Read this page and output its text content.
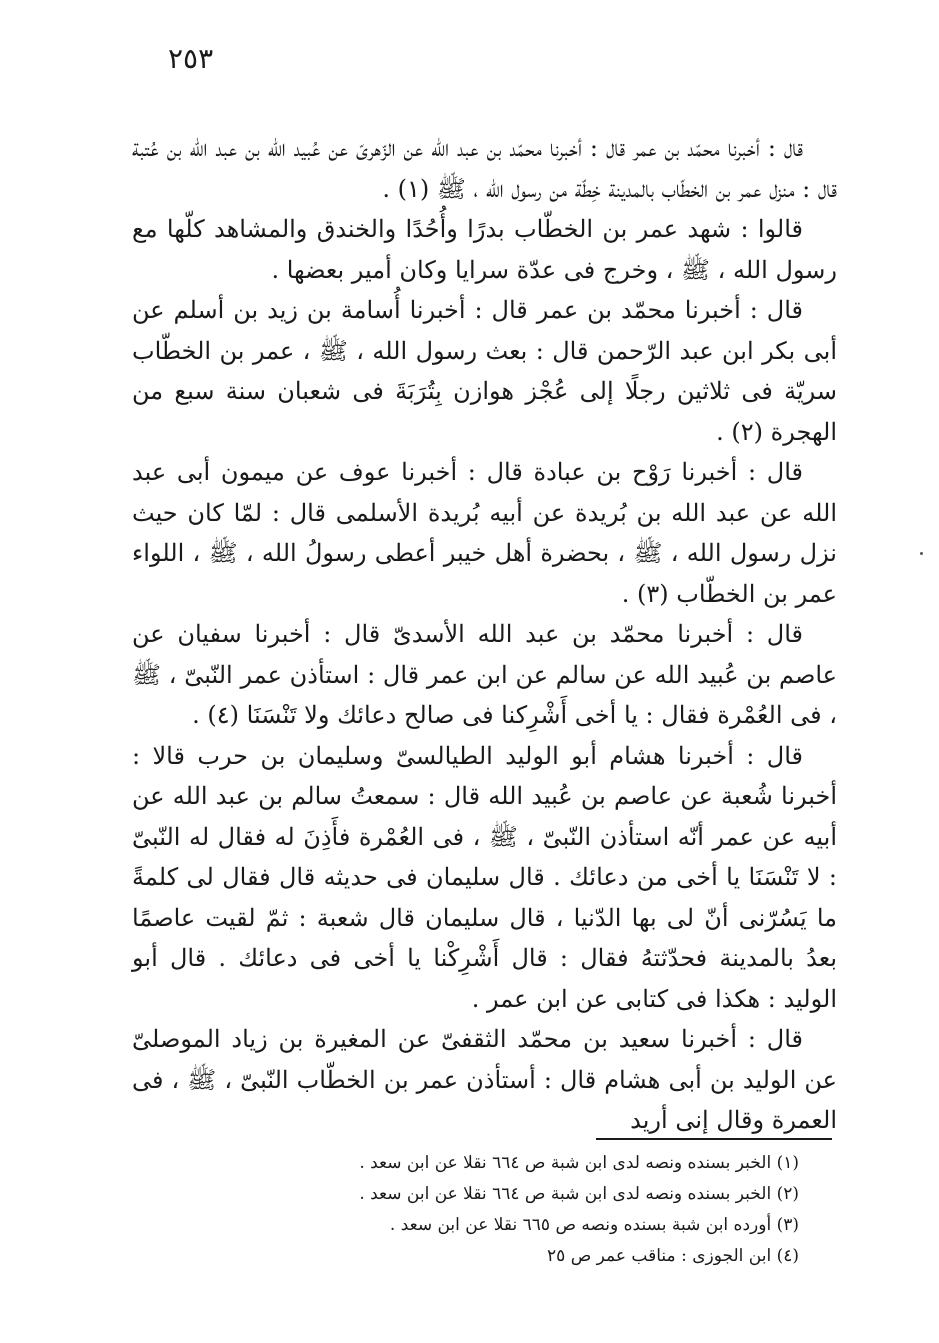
٢٥٣

قال : أخبرنا محمّد بن عمر قال : أخبرنا محمّد بن عبد الله عن الزّهرىّ عن عُبيد الله بن عبد الله بن عُتبة قال : منزل عمر بن الخطّاب بالمدينة خِطّة من رسول الله ، ﷺ (١) .

قالوا : شهد عمر بن الخطّاب بدرًا وأُحُدًا والخندق والمشاهد كلّها مع رسول الله ، ﷺ ، وخرج فى عدّة سرايا وكان أمير بعضها .

قال : أخبرنا محمّد بن عمر قال : أخبرنا أُسامة بن زيد بن أسلم عن أبى بكر ابن عبد الرّحمن قال : بعث رسول الله ، ﷺ ، عمر بن الخطّاب سريّة فى ثلاثين رجلًا إلى عُجْز هوازن بِتُرَبَةَ فى شعبان سنة سبع من الهجرة (٢) .

قال : أخبرنا رَوْح بن عبادة قال : أخبرنا عوف عن ميمون أبى عبد الله عن عبد الله بن بُريدة عن أبيه بُريدة الأسلمى قال : لمّا كان حيث نزل رسول الله ، ﷺ ، بحضرة أهل خيبر أعطى رسولُ الله ، ﷺ ، اللواء عمر بن الخطّاب (٣) .

قال : أخبرنا محمّد بن عبد الله الأسدىّ قال : أخبرنا سفيان عن عاصم بن عُبيد الله عن سالم عن ابن عمر قال : استأذن عمر النّبىّ ، ﷺ ، فى العُمْرة فقال : يا أخى أَشْرِكنا فى صالح دعائك ولا تَنْسَنَا (٤) .

قال : أخبرنا هشام أبو الوليد الطيالسىّ وسليمان بن حرب قالا : أخبرنا شُعبة عن عاصم بن عُبيد الله قال : سمعتُ سالم بن عبد الله عن أبيه عن عمر أنّه استأذن النّبىّ ، ﷺ ، فى العُمْرة فأَذِنَ له فقال له النّبىّ : لا تَنْسَنَا يا أخى من دعائك . قال سليمان فى حديثه قال فقال لى كلمةً ما يَسُرّنى أنّ لى بها الدّنيا ، قال سليمان قال شعبة : ثمّ لقيت عاصمًا بعدُ بالمدينة فحدّثتهُ فقال : قال أَشْرِكْنا يا أخى فى دعائك . قال أبو الوليد : هكذا فى كتابى عن ابن عمر .

قال : أخبرنا سعيد بن محمّد الثقفىّ عن المغيرة بن زياد الموصلىّ عن الوليد بن أبى هشام قال : أستأذن عمر بن الخطّاب النّبىّ ، ﷺ ، فى العمرة وقال إنى أريد

(١) الخبر بسنده ونصه لدى ابن شبة ص ٦٦٤ نقلا عن ابن سعد .
(٢) الخبر بسنده ونصه لدى ابن شبة ص ٦٦٤ نقلا عن ابن سعد .
(٣) أورده ابن شبة بسنده ونصه ص ٦٦٥ نقلا عن ابن سعد .
(٤) ابن الجوزى : مناقب عمر ص ٢٥
